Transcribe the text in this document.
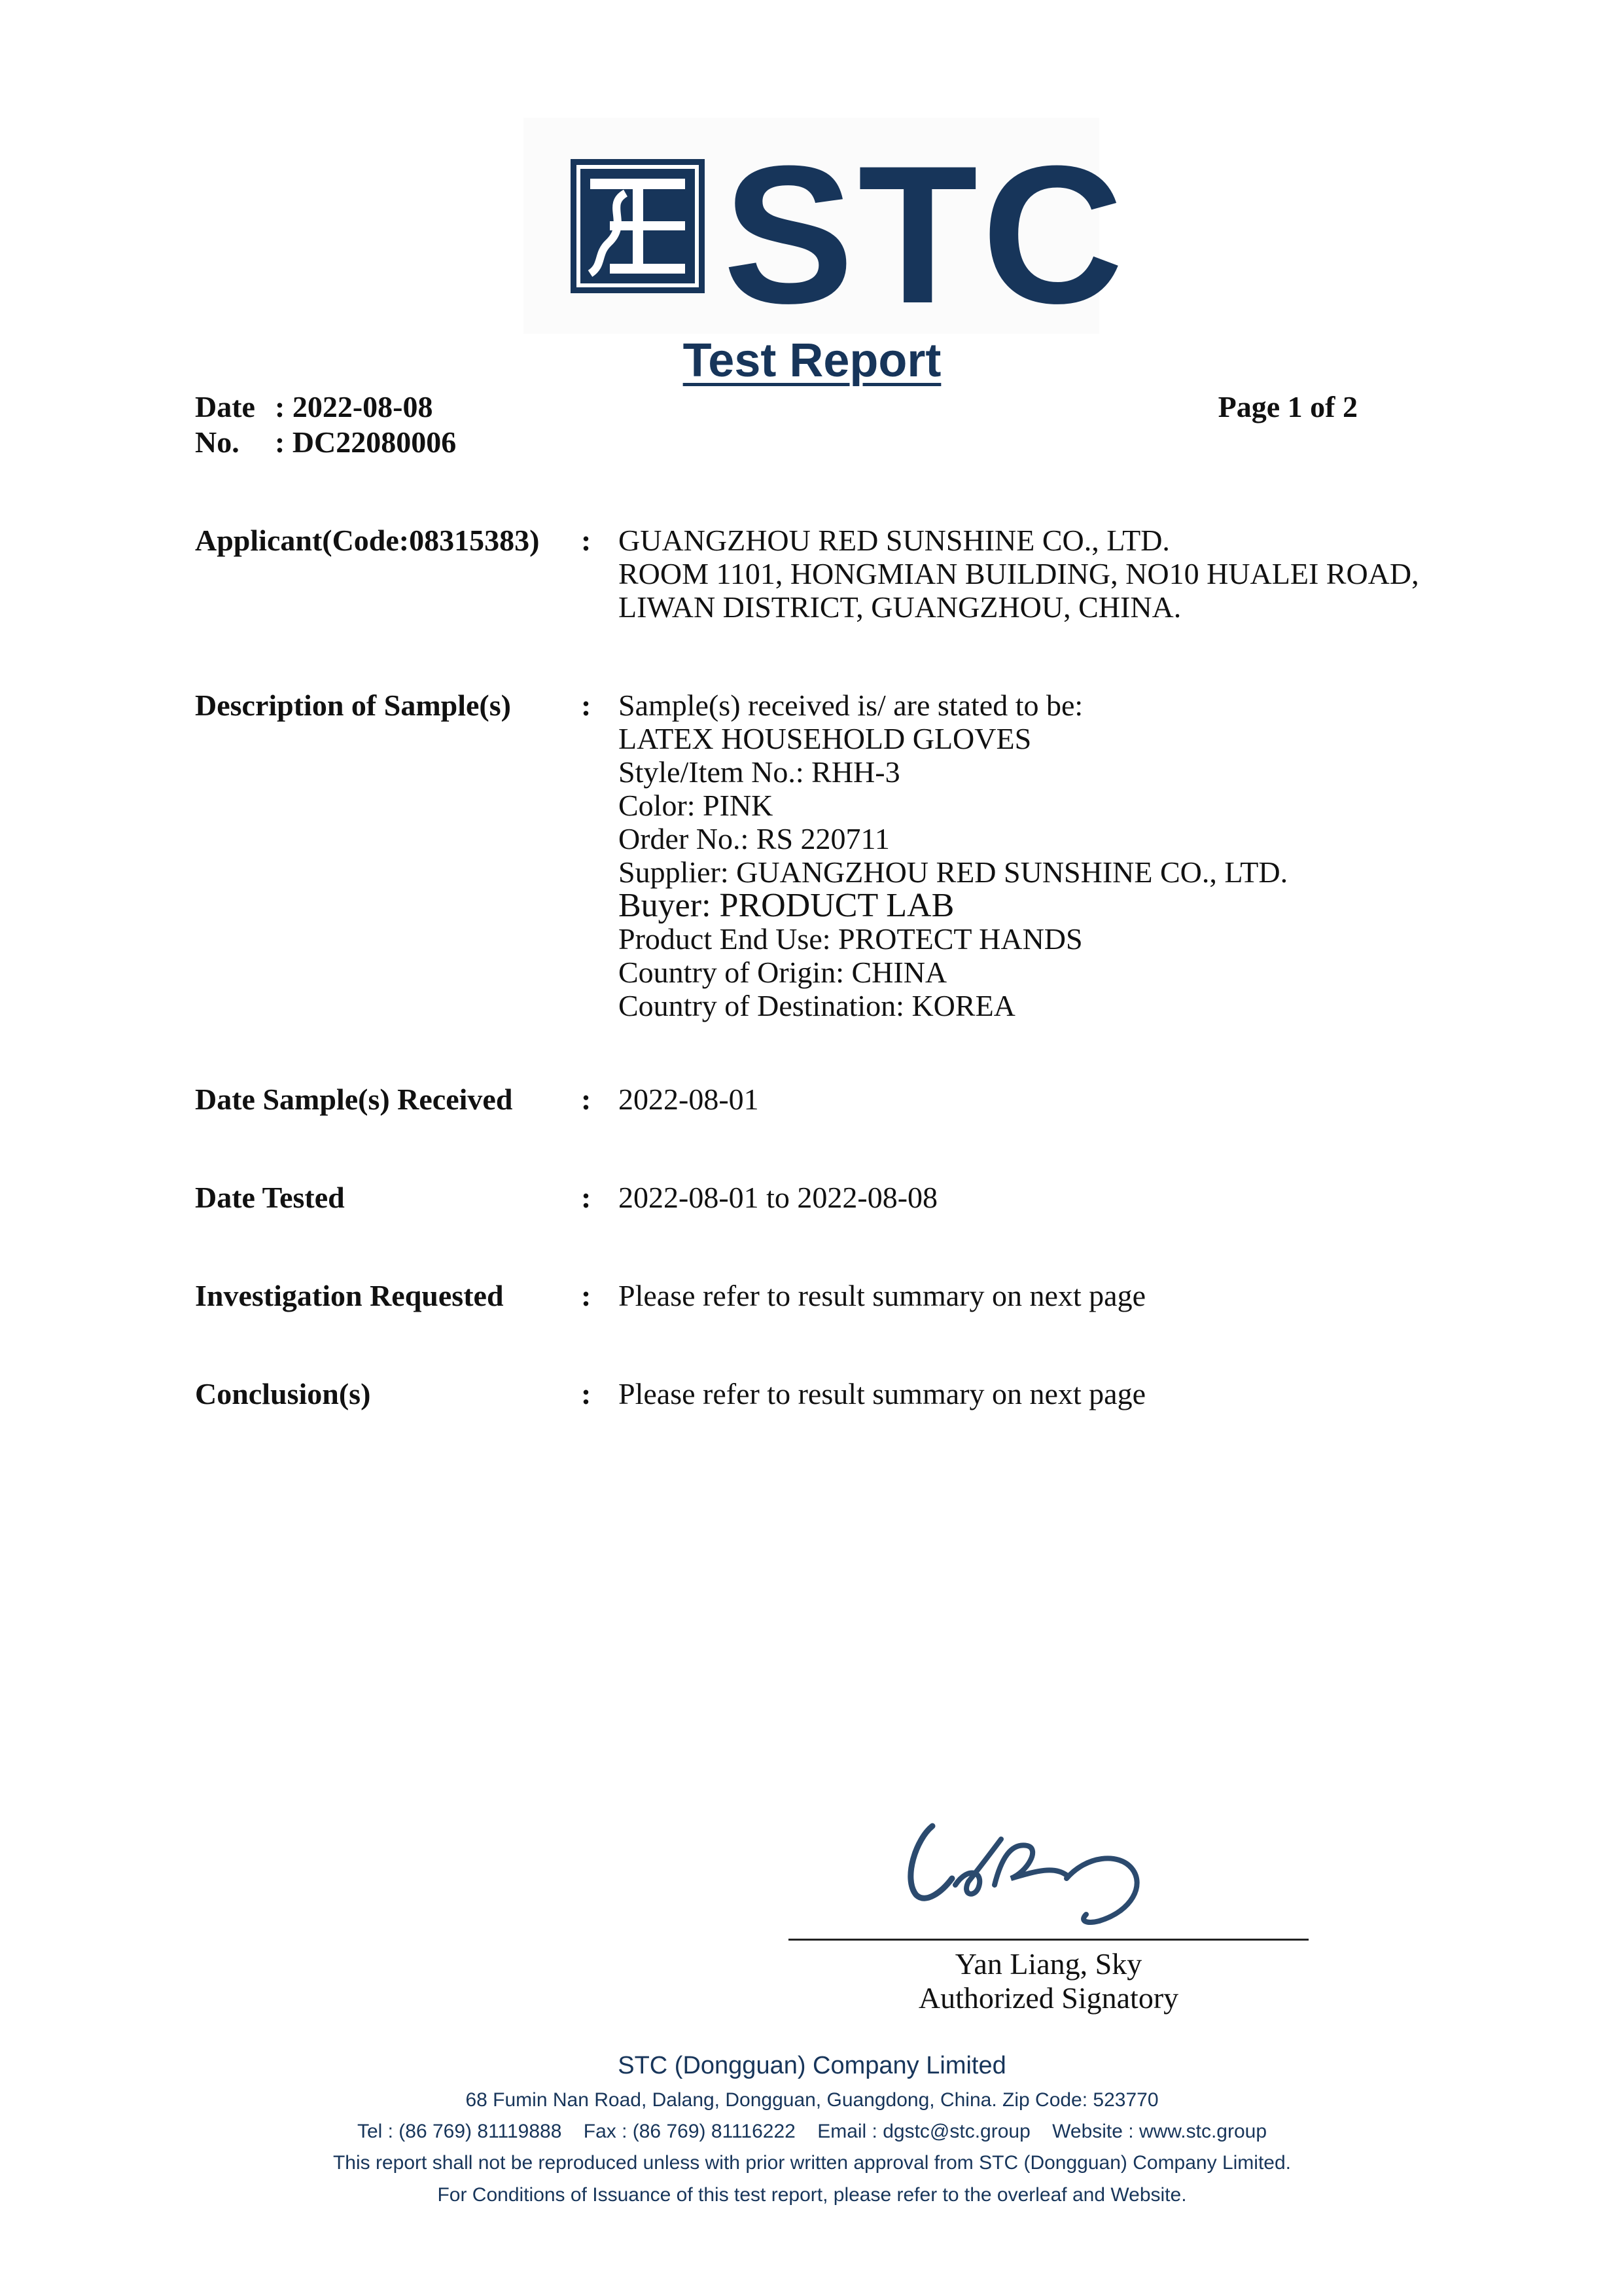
STC
Test Report
Date : 2022-08-08
No. : DC22080006
Page 1 of 2
Applicant(Code:08315383) : GUANGZHOU RED SUNSHINE CO., LTD.
ROOM 1101, HONGMIAN BUILDING, NO10 HUALEI ROAD,
LIWAN DISTRICT, GUANGZHOU, CHINA.
Description of Sample(s) : Sample(s) received is/ are stated to be:
LATEX HOUSEHOLD GLOVES
Style/Item No.: RHH-3
Color: PINK
Order No.: RS 220711
Supplier: GUANGZHOU RED SUNSHINE CO., LTD.
Buyer: PRODUCT LAB
Product End Use: PROTECT HANDS
Country of Origin: CHINA
Country of Destination: KOREA
Date Sample(s) Received : 2022-08-01
Date Tested	: 2022-08-01 to 2022-08-08
Investigation Requested	: Please refer to result summary on next page
Conclusion(s)	: Please refer to result summary on next page
Yan Liang, Sky
Authorized Signatory
STC (Dongguan) Company Limited
68 Fumin Nan Road, Dalang, Dongguan, Guangdong, China. Zip Code: 523770
Tel : (86 769) 81119888    Fax : (86 769) 81116222    Email : dgstc@stc.group    Website : www.stc.group
This report shall not be reproduced unless with prior written approval from STC (Dongguan) Company Limited.
For Conditions of Issuance of this test report, please refer to the overleaf and Website.
